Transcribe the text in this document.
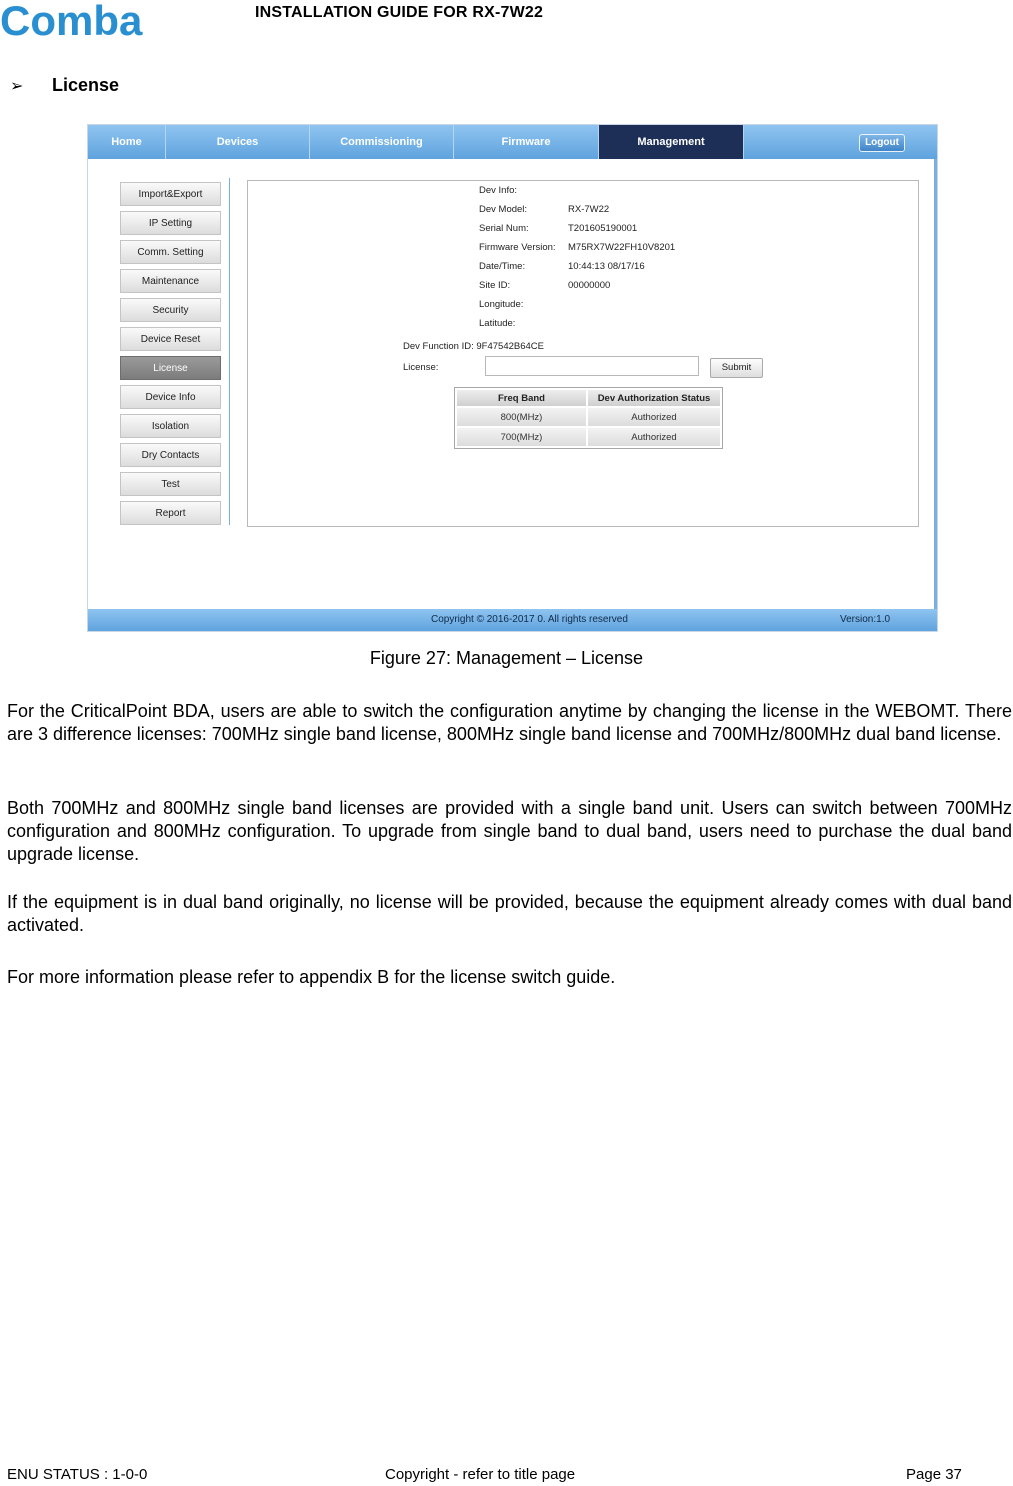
Comba	INSTALLATION GUIDE FOR RX-7W22
➢ License
Home	Devices	Commissioning	Firmware	Management	Logout
Import&Export
IP Setting
Comm. Setting
Maintenance
Security
Device Reset
License
Device Info
Isolation
Dry Contacts
Test
Report
Dev Info:
Dev Model:	RX-7W22
Serial Num:	T201605190001
Firmware Version: M75RX7W22FH10V8201
Date/Time:	10:44:13 08/17/16
Site ID:	00000000
Longitude:
Latitude:
Dev Function ID: 9F47542B64CE
License:	Submit
Freq Band	Dev Authorization Status
800(MHz)	Authorized
700(MHz)	Authorized
Copyright © 2016-2017 0. All rights reserved	Version:1.0
Figure 27: Management – License
For the CriticalPoint BDA, users are able to switch the configuration anytime by changing the license in the WEBOMT. There are 3 difference licenses: 700MHz single band license, 800MHz single band license and 700MHz/800MHz dual band license.
Both 700MHz and 800MHz single band licenses are provided with a single band unit. Users can switch between 700MHz configuration and 800MHz configuration. To upgrade from single band to dual band, users need to purchase the dual band upgrade license.
If the equipment is in dual band originally, no license will be provided, because the equipment already comes with dual band activated.
For more information please refer to appendix B for the license switch guide.
ENU STATUS : 1-0-0	Copyright - refer to title page	Page 37
